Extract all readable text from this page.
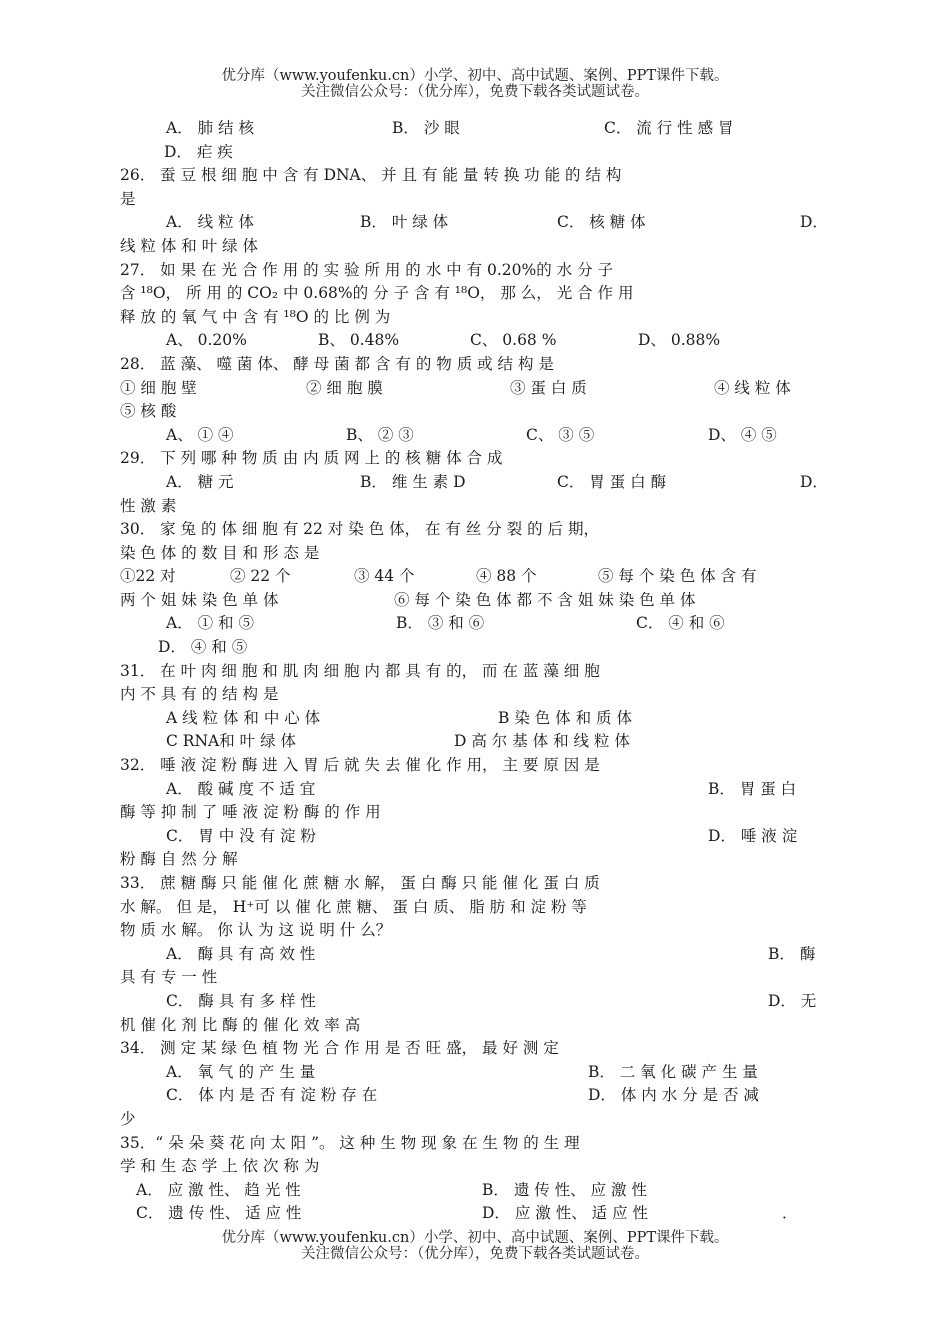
优分库（www.youfenku.cn）小学、初中、高中试题、案例、PPT课件下载。
关注微信公众号：（优分库），免费下载各类试题试卷。
A． 肺 结 核	B． 沙 眼	C． 流 行 性 感 冒
D． 疟 疾
26． 蚕 豆 根 细 胞 中 含 有 DNA、 并 且 有 能 量 转 换 功 能 的 结 构
是
A． 线 粒 体	B． 叶 绿 体	C． 核 糖 体	D．
线 粒 体 和 叶 绿 体
27． 如 果 在 光 合 作 用 的 实 验 所 用 的 水 中 有 0.20%的 水 分 子
含 ¹⁸O， 所 用 的 CO₂ 中 0.68%的 分 子 含 有 ¹⁸O， 那 么， 光 合 作 用
释 放 的 氧 气 中 含 有 ¹⁸O 的 比 例 为
A、 0.20%	B、 0.48%	C、 0.68 %	D、 0.88%
28． 蓝 藻、 噬 菌 体、 酵 母 菌 都 含 有 的 物 质 或 结 构 是
① 细 胞 壁	② 细 胞 膜	③ 蛋 白 质	④ 线 粒 体
⑤ 核 酸
A、 ① ④	B、 ② ③	C、 ③ ⑤	D、 ④ ⑤
29． 下 列 哪 种 物 质 由 内 质 网 上 的 核 糖 体 合 成
A． 糖 元	B． 维 生 素 D	C． 胃 蛋 白 酶	D．
性 激 素
30． 家 兔 的 体 细 胞 有 22 对 染 色 体， 在 有 丝 分 裂 的 后 期，
染 色 体 的 数 目 和 形 态 是
①22 对	② 22 个	③ 44 个	④ 88 个	⑤ 每 个 染 色 体 含 有
两 个 姐 妹 染 色 单 体	⑥ 每 个 染 色 体 都 不 含 姐 妹 染 色 单 体
A． ① 和 ⑤	B． ③ 和 ⑥	C． ④ 和 ⑥
D． ④ 和 ⑤
31． 在 叶 肉 细 胞 和 肌 肉 细 胞 内 都 具 有 的， 而 在 蓝 藻 细 胞
内 不 具 有 的 结 构 是
A 线 粒 体 和 中 心 体	B 染 色 体 和 质 体
C RNA和 叶 绿 体	D 高 尔 基 体 和 线 粒 体
32． 唾 液 淀 粉 酶 进 入 胃 后 就 失 去 催 化 作 用， 主 要 原 因 是
A． 酸 碱 度 不 适 宜	B． 胃 蛋 白
酶 等 抑 制 了 唾 液 淀 粉 酶 的 作 用
C． 胃 中 没 有 淀 粉	D． 唾 液 淀
粉 酶 自 然 分 解
33． 蔗 糖 酶 只 能 催 化 蔗 糖 水 解， 蛋 白 酶 只 能 催 化 蛋 白 质
水 解。 但 是， H⁺可 以 催 化 蔗 糖、 蛋 白 质、 脂 肪 和 淀 粉 等
物 质 水 解。 你 认 为 这 说 明 什 么？
A． 酶 具 有 高 效 性	B． 酶
具 有 专 一 性
C． 酶 具 有 多 样 性	D． 无
机 催 化 剂 比 酶 的 催 化 效 率 高
34． 测 定 某 绿 色 植 物 光 合 作 用 是 否 旺 盛， 最 好 测 定
A． 氧 气 的 产 生 量	B． 二 氧 化 碳 产 生 量
C． 体 内 是 否 有 淀 粉 存 在	D． 体 内 水 分 是 否 减
少
35．“ 朵 朵 葵 花 向 太 阳 ”。 这 种 生 物 现 象 在 生 物 的 生 理
学 和 生 态 学 上 依 次 称 为
A． 应 激 性、 趋 光 性	B． 遗 传 性、 应 激 性
C． 遗 传 性、 适 应 性	D． 应 激 性、 适 应 性	．
优分库（www.youfenku.cn）小学、初中、高中试题、案例、PPT课件下载。
关注微信公众号：（优分库），免费下载各类试题试卷。
